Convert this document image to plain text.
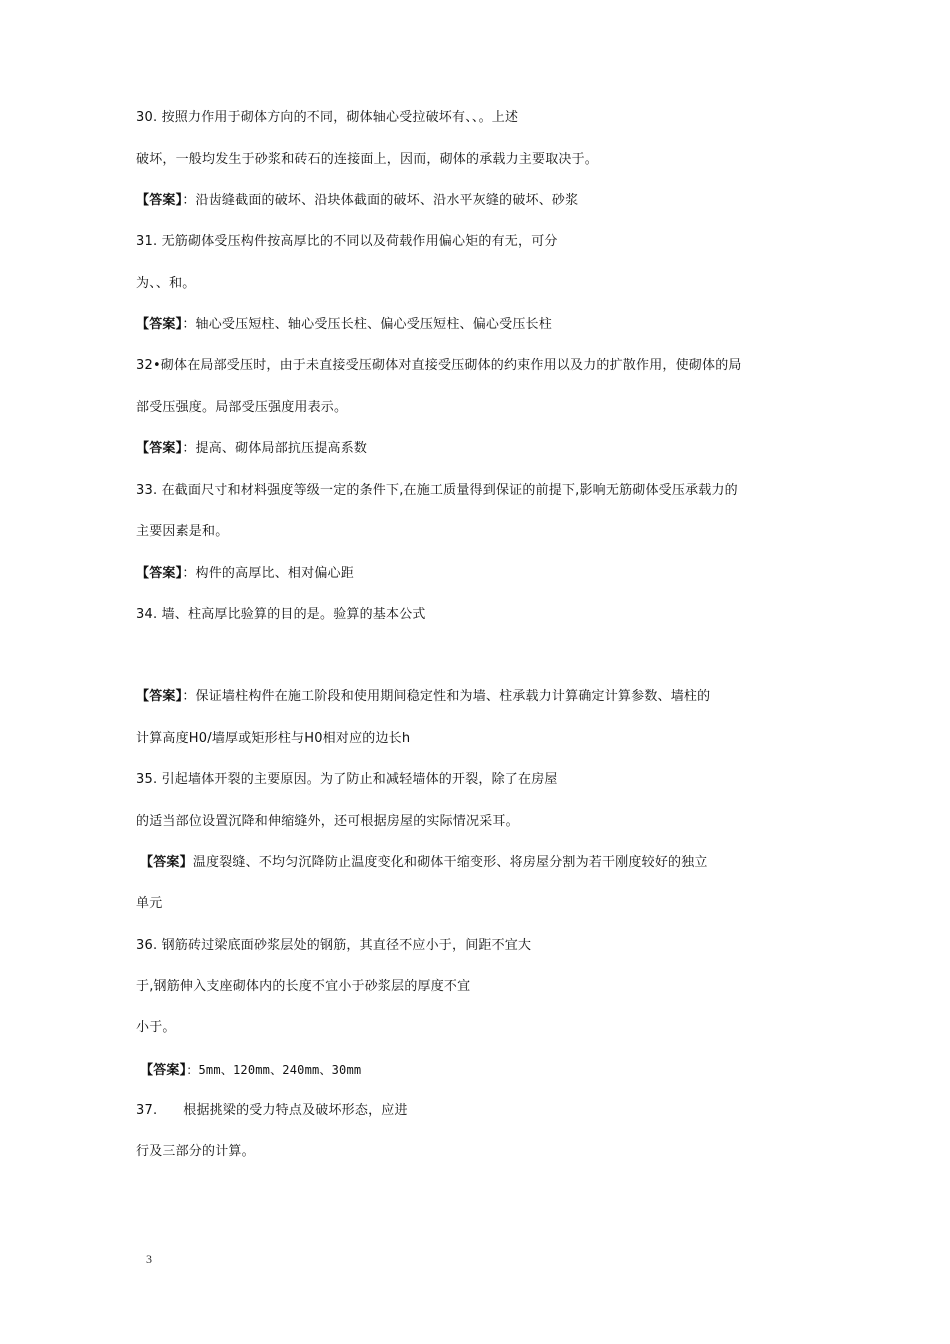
30. 按照力作用于砌体方向的不同，砌体轴心受拉破坏有、、。上述
破坏，一般均发生于砂浆和砖石的连接面上，因而，砌体的承载力主要取决于。
【答案】：沿齿缝截面的破坏、沿块体截面的破坏、沿水平灰缝的破坏、砂浆
31. 无筋砌体受压构件按高厚比的不同以及荷载作用偏心矩的有无，可分
为、、和。
【答案】：轴心受压短柱、轴心受压长柱、偏心受压短柱、偏心受压长柱
32•砌体在局部受压时，由于未直接受压砌体对直接受压砌体的约束作用以及力的扩散作用，使砌体的局
部受压强度。局部受压强度用表示。
【答案】：提高、砌体局部抗压提高系数
33. 在截面尺寸和材料强度等级一定的条件下,在施工质量得到保证的前提下,影响无筋砌体受压承载力的
主要因素是和。
【答案】：构件的高厚比、相对偏心距
34. 墙、柱高厚比验算的目的是。验算的基本公式
【答案】：保证墙柱构件在施工阶段和使用期间稳定性和为墙、柱承载力计算确定计算参数、墙柱的
计算高度H0/墙厚或矩形柱与H0相对应的边长h
35. 引起墙体开裂的主要原因。为了防止和减轻墙体的开裂，除了在房屋
的适当部位设置沉降和伸缩缝外，还可根据房屋的实际情况采耳。
【答案】温度裂缝、不均匀沉降防止温度变化和砌体干缩变形、将房屋分割为若干刚度较好的独立
单元
36. 钢筋砖过梁底面砂浆层处的钢筋，其直径不应小于，间距不宜大
于,钢筋伸入支座砌体内的长度不宜小于砂浆层的厚度不宜
小于。
【答案】：5mm、120mm、240mm、30mm
37.      根据挑梁的受力特点及破坏形态，应进
行及三部分的计算。
3
